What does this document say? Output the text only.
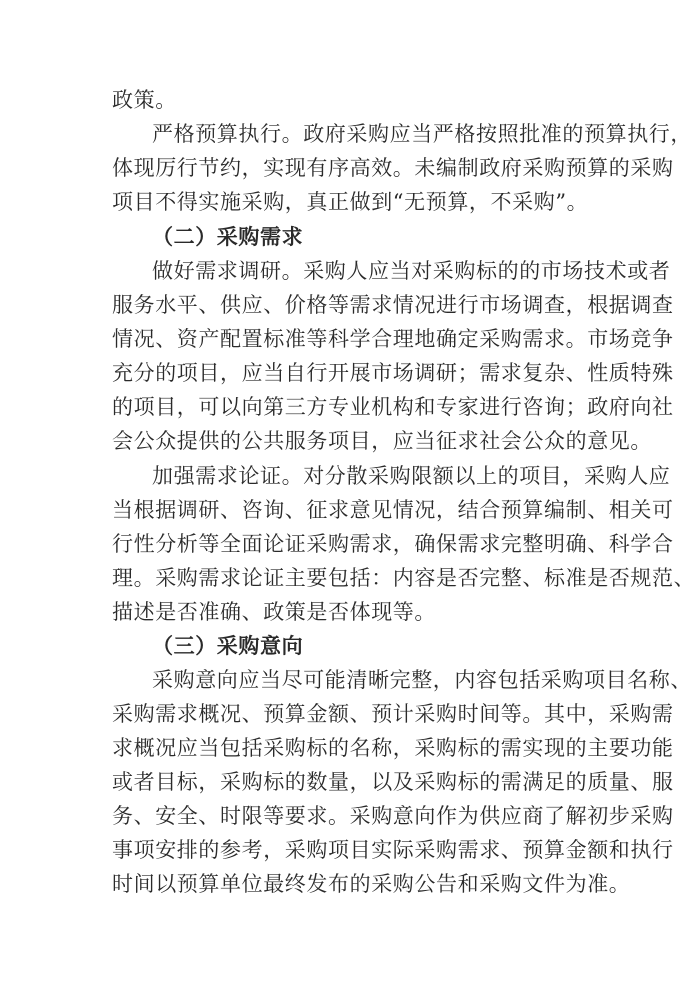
政策。
严格预算执行。政府采购应当严格按照批准的预算执行，
体现厉行节约，实现有序高效。未编制政府采购预算的采购
项目不得实施采购，真正做到“无预算，不采购”。
（二）采购需求
做好需求调研。采购人应当对采购标的的市场技术或者
服务水平、供应、价格等需求情况进行市场调查，根据调查
情况、资产配置标准等科学合理地确定采购需求。市场竞争
充分的项目，应当自行开展市场调研；需求复杂、性质特殊
的项目，可以向第三方专业机构和专家进行咨询；政府向社
会公众提供的公共服务项目，应当征求社会公众的意见。
加强需求论证。对分散采购限额以上的项目，采购人应
当根据调研、咨询、征求意见情况，结合预算编制、相关可
行性分析等全面论证采购需求，确保需求完整明确、科学合
理。采购需求论证主要包括：内容是否完整、标准是否规范、
描述是否准确、政策是否体现等。
（三）采购意向
采购意向应当尽可能清晰完整，内容包括采购项目名称、
采购需求概况、预算金额、预计采购时间等。其中，采购需
求概况应当包括采购标的名称，采购标的需实现的主要功能
或者目标，采购标的数量，以及采购标的需满足的质量、服
务、安全、时限等要求。采购意向作为供应商了解初步采购
事项安排的参考，采购项目实际采购需求、预算金额和执行
时间以预算单位最终发布的采购公告和采购文件为准。
